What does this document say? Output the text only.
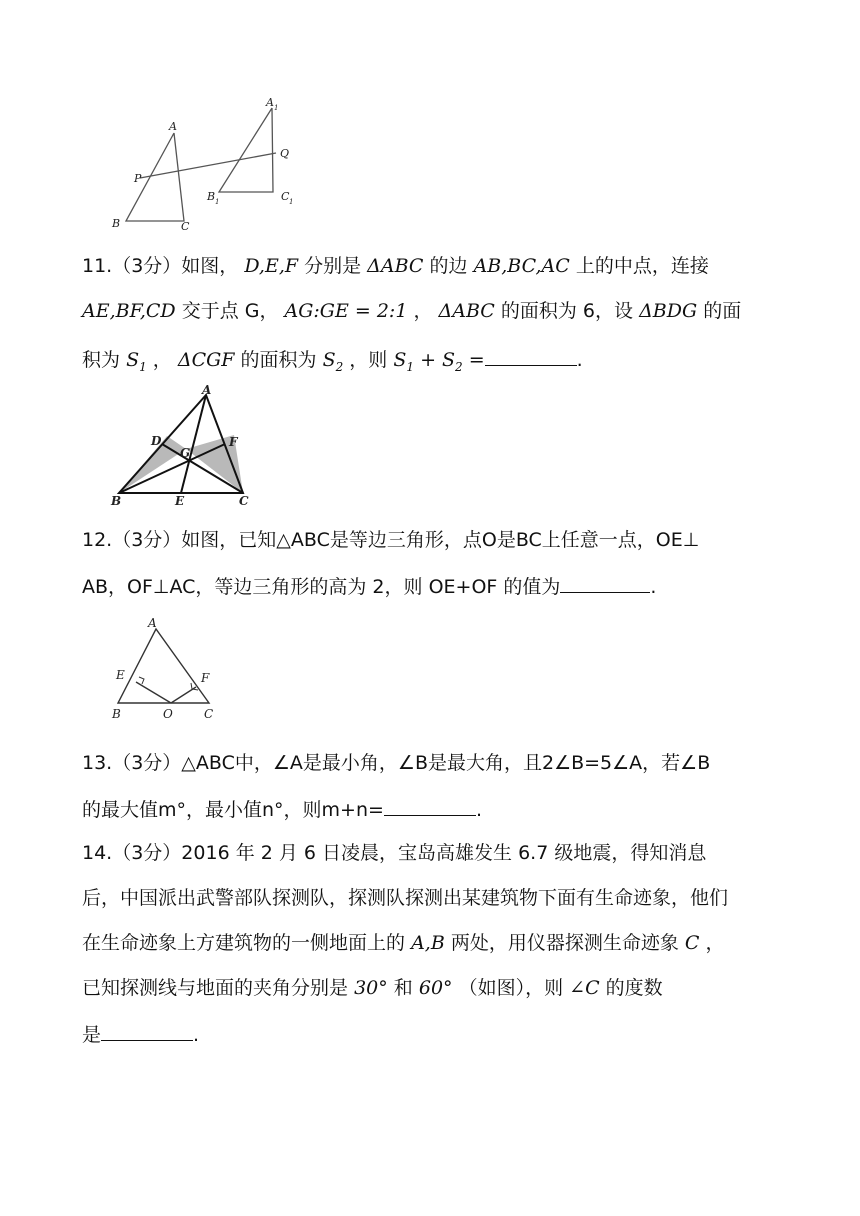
A
P
B	C
A 1
Q
B 1	C 1
11.（3分）如图， D,E,F 分别是 ΔABC 的边 AB,BC,AC 上的中点，连接
AE,BF,CD 交于点 G， AG:GE = 2:1 ， ΔABC 的面积为 6，设 ΔBDG 的面
积为 $S_1$ ， ΔCGF 的面积为 $S_2$ ，则 $S_1 + S_2$ =	.
A
D	F
G
B	E	C
12.（3分）如图，已知△ABC是等边三角形，点O是BC上任意一点，OE⊥
AB，OF⊥AC，等边三角形的高为 2，则 OE+OF 的值为	.
A
E	F
B	O	C
13.（3分）△ABC中，∠A是最小角，∠B是最大角，且2∠B=5∠A，若∠B
的最大值m°，最小值n°，则m+n=	.
14.（3分）2016 年 2 月 6 日凌晨，宝岛高雄发生 6.7 级地震，得知消息
后，中国派出武警部队探测队，探测队探测出某建筑物下面有生命迹象，他们
在生命迹象上方建筑物的一侧地面上的 A,B 两处，用仪器探测生命迹象 C ，
已知探测线与地面的夹角分别是 30° 和 60° （如图），则 ∠C 的度数
是	.
